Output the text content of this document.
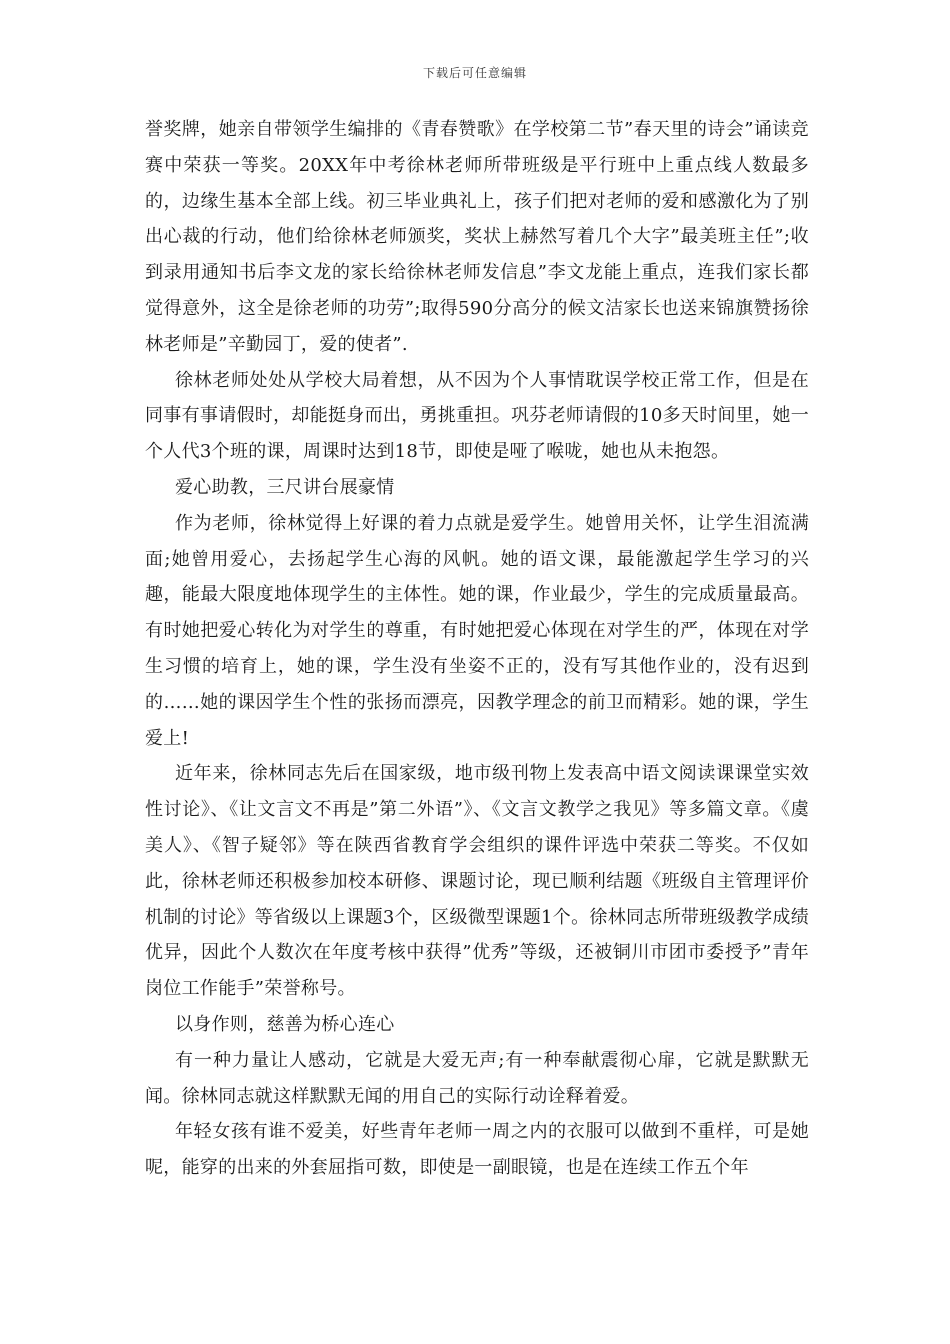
下载后可任意编辑

誉奖牌，她亲自带领学生编排的《青春赞歌》在学校第二节”春天里的诗会”诵读竞赛中荣获一等奖。20XX年中考徐林老师所带班级是平行班中上重点线人数最多的，边缘生基本全部上线。初三毕业典礼上，孩子们把对老师的爱和感激化为了别出心裁的行动，他们给徐林老师颁奖，奖状上赫然写着几个大字”最美班主任”;收到录用通知书后李文龙的家长给徐林老师发信息”李文龙能上重点，连我们家长都觉得意外，这全是徐老师的功劳”;取得590分高分的候文洁家长也送来锦旗赞扬徐林老师是”辛勤园丁，爱的使者”.

徐林老师处处从学校大局着想，从不因为个人事情耽误学校正常工作，但是在同事有事请假时，却能挺身而出，勇挑重担。巩芬老师请假的10多天时间里，她一个人代3个班的课，周课时达到18节，即使是哑了喉咙，她也从未抱怨。

爱心助教，三尺讲台展豪情

作为老师，徐林觉得上好课的着力点就是爱学生。她曾用关怀，让学生泪流满面;她曾用爱心，去扬起学生心海的风帆。她的语文课，最能激起学生学习的兴趣，能最大限度地体现学生的主体性。她的课，作业最少，学生的完成质量最高。有时她把爱心转化为对学生的尊重，有时她把爱心体现在对学生的严，体现在对学生习惯的培育上，她的课，学生没有坐姿不正的，没有写其他作业的，没有迟到的……她的课因学生个性的张扬而漂亮，因教学理念的前卫而精彩。她的课，学生爱上!

近年来，徐林同志先后在国家级，地市级刊物上发表高中语文阅读课课堂实效性讨论》、《让文言文不再是”第二外语”》、《文言文教学之我见》等多篇文章。《虞美人》、《智子疑邻》等在陕西省教育学会组织的课件评选中荣获二等奖。不仅如此，徐林老师还积极参加校本研修、课题讨论，现已顺利结题《班级自主管理评价机制的讨论》等省级以上课题3个，区级微型课题1个。徐林同志所带班级教学成绩优异，因此个人数次在年度考核中获得”优秀”等级，还被铜川市团市委授予”青年岗位工作能手”荣誉称号。

以身作则，慈善为桥心连心

有一种力量让人感动，它就是大爱无声;有一种奉献震彻心扉，它就是默默无闻。徐林同志就这样默默无闻的用自己的实际行动诠释着爱。

年轻女孩有谁不爱美，好些青年老师一周之内的衣服可以做到不重样，可是她呢，能穿的出来的外套屈指可数，即使是一副眼镜，也是在连续工作五个年
